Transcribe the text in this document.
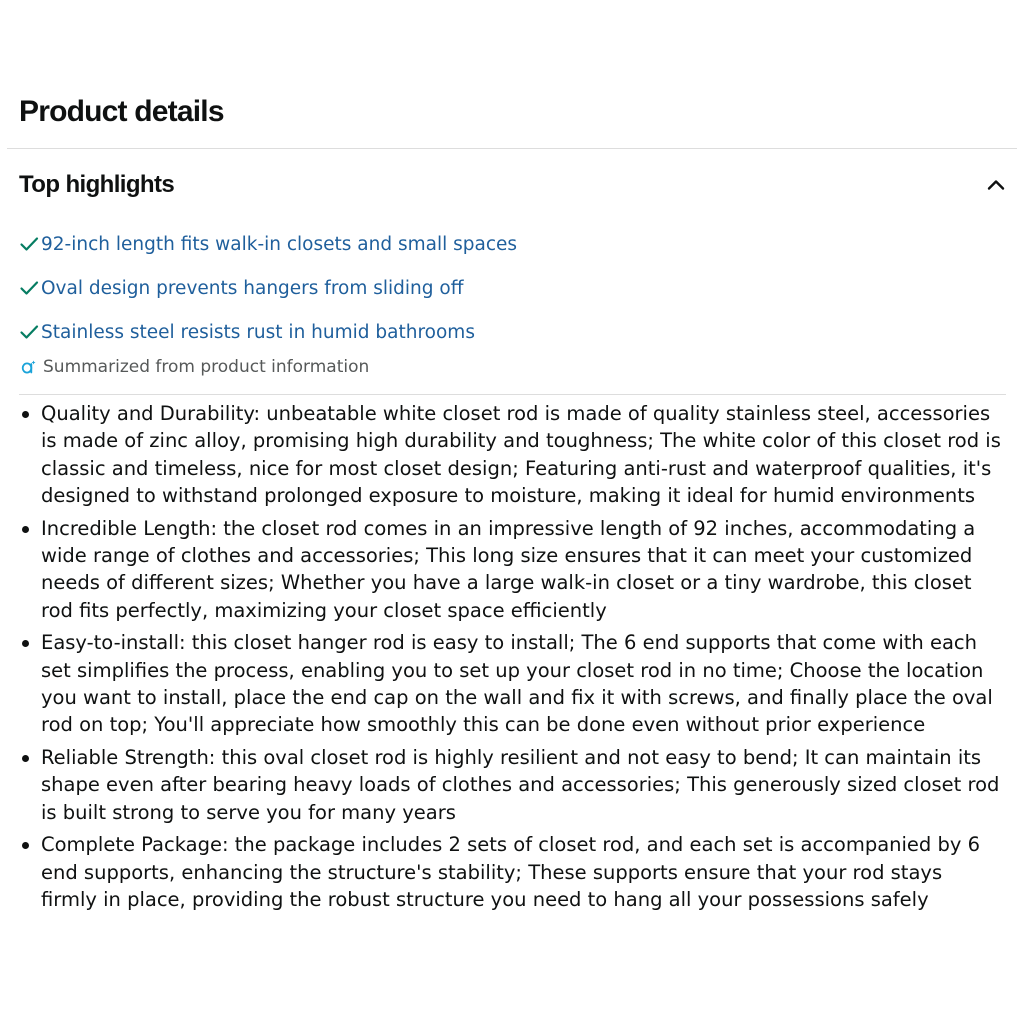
Product details
Top highlights
92-inch length fits walk-in closets and small spaces
Oval design prevents hangers from sliding off
Stainless steel resists rust in humid bathrooms
Summarized from product information
Quality and Durability: unbeatable white closet rod is made of quality stainless steel, accessories is made of zinc alloy, promising high durability and toughness; The white color of this closet rod is classic and timeless, nice for most closet design; Featuring anti-rust and waterproof qualities, it's designed to withstand prolonged exposure to moisture, making it ideal for humid environments
Incredible Length: the closet rod comes in an impressive length of 92 inches, accommodating a wide range of clothes and accessories; This long size ensures that it can meet your customized needs of different sizes; Whether you have a large walk-in closet or a tiny wardrobe, this closet rod fits perfectly, maximizing your closet space efficiently
Easy-to-install: this closet hanger rod is easy to install; The 6 end supports that come with each set simplifies the process, enabling you to set up your closet rod in no time; Choose the location you want to install, place the end cap on the wall and fix it with screws, and finally place the oval rod on top; You'll appreciate how smoothly this can be done even without prior experience
Reliable Strength: this oval closet rod is highly resilient and not easy to bend; It can maintain its shape even after bearing heavy loads of clothes and accessories; This generously sized closet rod is built strong to serve you for many years
Complete Package: the package includes 2 sets of closet rod, and each set is accompanied by 6 end supports, enhancing the structure's stability; These supports ensure that your rod stays firmly in place, providing the robust structure you need to hang all your possessions safely
